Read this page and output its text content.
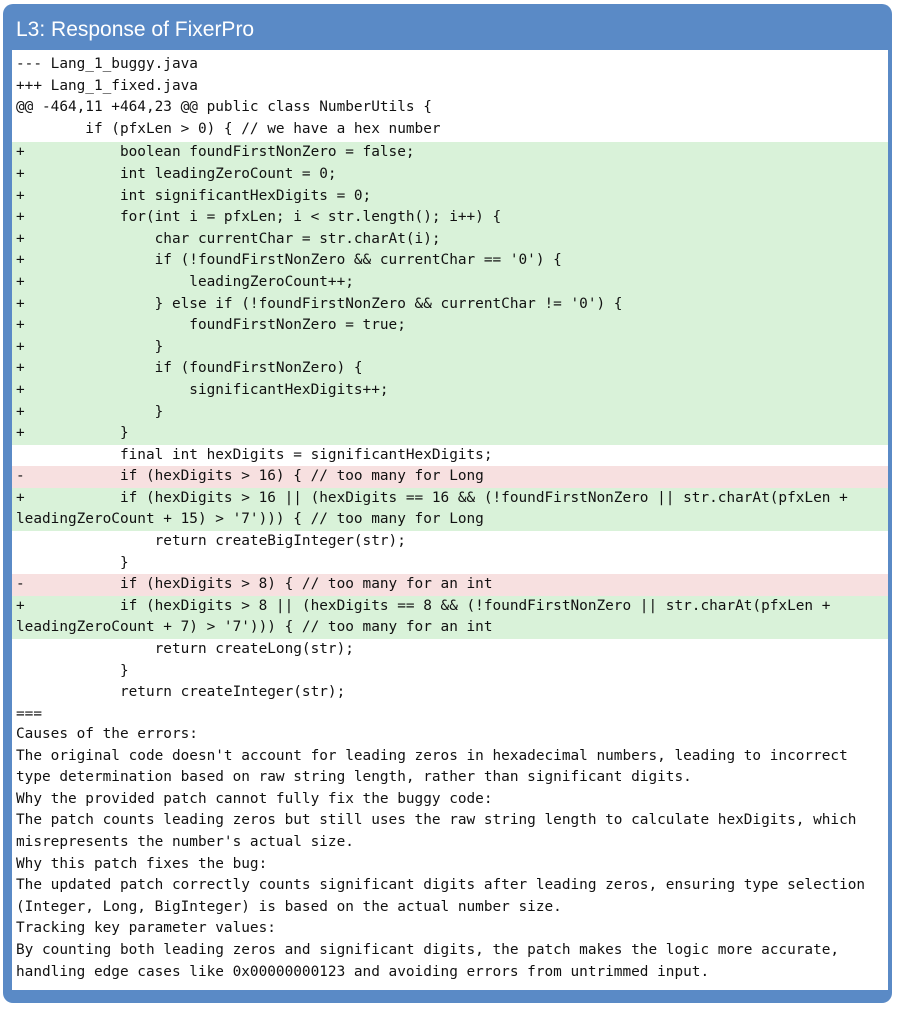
L3: Response of FixerPro
--- Lang_1_buggy.java
+++ Lang_1_fixed.java
@@ -464,11 +464,23 @@ public class NumberUtils {
if (pfxLen > 0) { // we have a hex number
+           boolean foundFirstNonZero = false;
+           int leadingZeroCount = 0;
+           int significantHexDigits = 0;
+           for(int i = pfxLen; i < str.length(); i++) {
+               char currentChar = str.charAt(i);
+               if (!foundFirstNonZero && currentChar == '0') {
+                   leadingZeroCount++;
+               } else if (!foundFirstNonZero && currentChar != '0') {
+                   foundFirstNonZero = true;
+               }
+               if (foundFirstNonZero) {
+                   significantHexDigits++;
+               }
+           }
final int hexDigits = significantHexDigits;
-           if (hexDigits > 16) { // too many for Long
+           if (hexDigits > 16 || (hexDigits == 16 && (!foundFirstNonZero || str.charAt(pfxLen +
leadingZeroCount + 15) > '7'))) { // too many for Long
return createBigInteger(str);
}
-           if (hexDigits > 8) { // too many for an int
+           if (hexDigits > 8 || (hexDigits == 8 && (!foundFirstNonZero || str.charAt(pfxLen +
leadingZeroCount + 7) > '7'))) { // too many for an int
return createLong(str);
}
return createInteger(str);
===
Causes of the errors:
The original code doesn't account for leading zeros in hexadecimal numbers, leading to incorrect
type determination based on raw string length, rather than significant digits.
Why the provided patch cannot fully fix the buggy code:
The patch counts leading zeros but still uses the raw string length to calculate hexDigits, which
misrepresents the number's actual size.
Why this patch fixes the bug:
The updated patch correctly counts significant digits after leading zeros, ensuring type selection
(Integer, Long, BigInteger) is based on the actual number size.
Tracking key parameter values:
By counting both leading zeros and significant digits, the patch makes the logic more accurate,
handling edge cases like 0x00000000123 and avoiding errors from untrimmed input.
